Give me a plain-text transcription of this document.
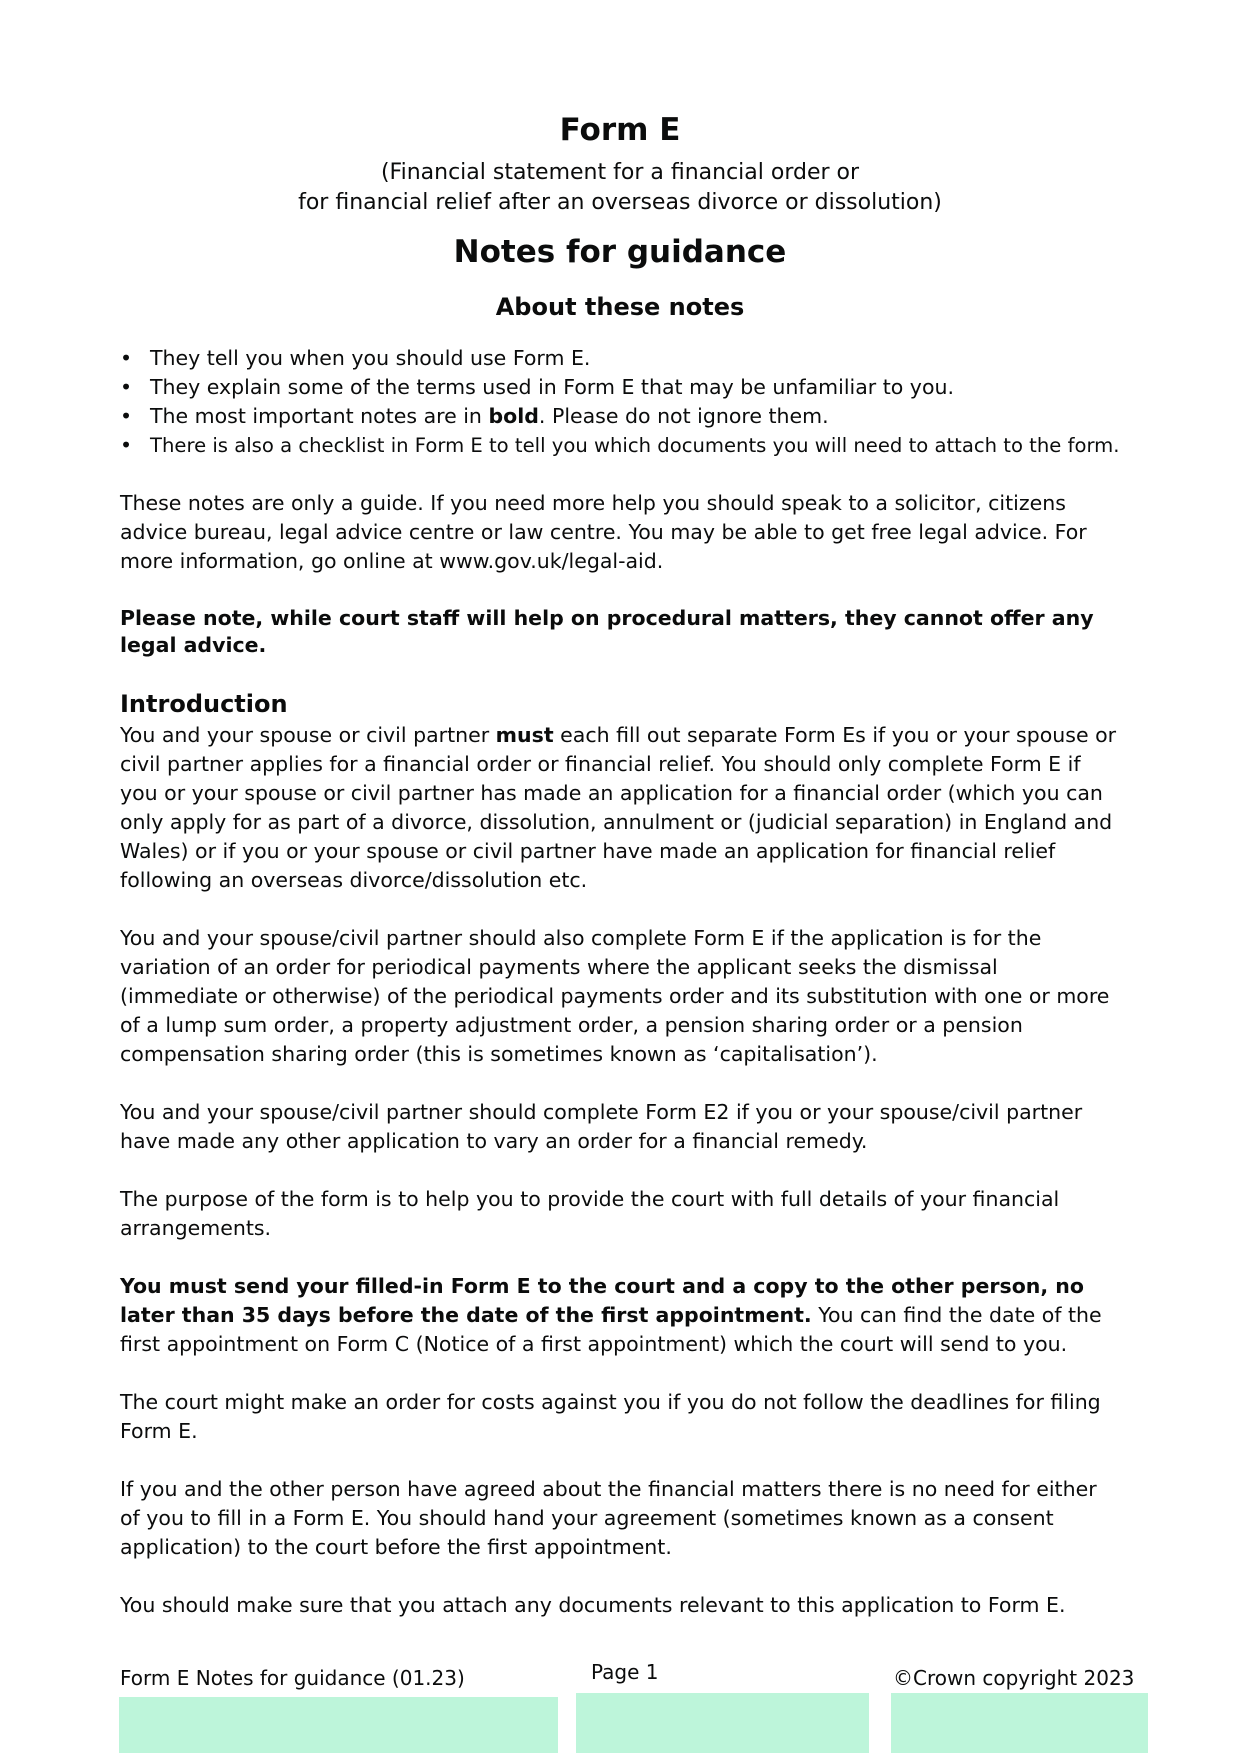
Form E

(Financial statement for a financial order or

for financial relief after an overseas divorce or dissolution)

Notes for guidance
About these notes
• They tell you when you should use Form E.
• They explain some of the terms used in Form E that may be unfamiliar to you.
• The most important notes are in bold. Please do not ignore them.
• There is also a checklist in Form E to tell you which documents you will need to attach to the form.

These notes are only a guide. If you need more help you should speak to a solicitor, citizens advice bureau, legal advice centre or law centre. You may be able to get free legal advice. For more information, go online at www.gov.uk/legal-aid.

Please note, while court staff will help on procedural matters, they cannot offer any legal advice.

Introduction

You and your spouse or civil partner must each fill out separate Form Es if you or your spouse or civil partner applies for a financial order or financial relief. You should only complete Form E if you or your spouse or civil partner has made an application for a financial order (which you can only apply for as part of a divorce, dissolution, annulment or (judicial separation) in England and Wales) or if you or your spouse or civil partner have made an application for financial relief following an overseas divorce/dissolution etc.

You and your spouse/civil partner should also complete Form E if the application is for the variation of an order for periodical payments where the applicant seeks the dismissal (immediate or otherwise) of the periodical payments order and its substitution with one or more of a lump sum order, a property adjustment order, a pension sharing order or a pension compensation sharing order (this is sometimes known as ‘capitalisation’).

You and your spouse/civil partner should complete Form E2 if you or your spouse/civil partner have made any other application to vary an order for a financial remedy.

The purpose of the form is to help you to provide the court with full details of your financial arrangements.

You must send your filled-in Form E to the court and a copy to the other person, no later than 35 days before the date of the first appointment. You can find the date of the first appointment on Form C (Notice of a first appointment) which the court will send to you.

The court might make an order for costs against you if you do not follow the deadlines for filing Form E.

If you and the other person have agreed about the financial matters there is no need for either of you to fill in a Form E. You should hand your agreement (sometimes known as a consent application) to the court before the first appointment.

You should make sure that you attach any documents relevant to this application to Form E.

Form E Notes for guidance (01.23)	Page 1	©Crown copyright 2023
